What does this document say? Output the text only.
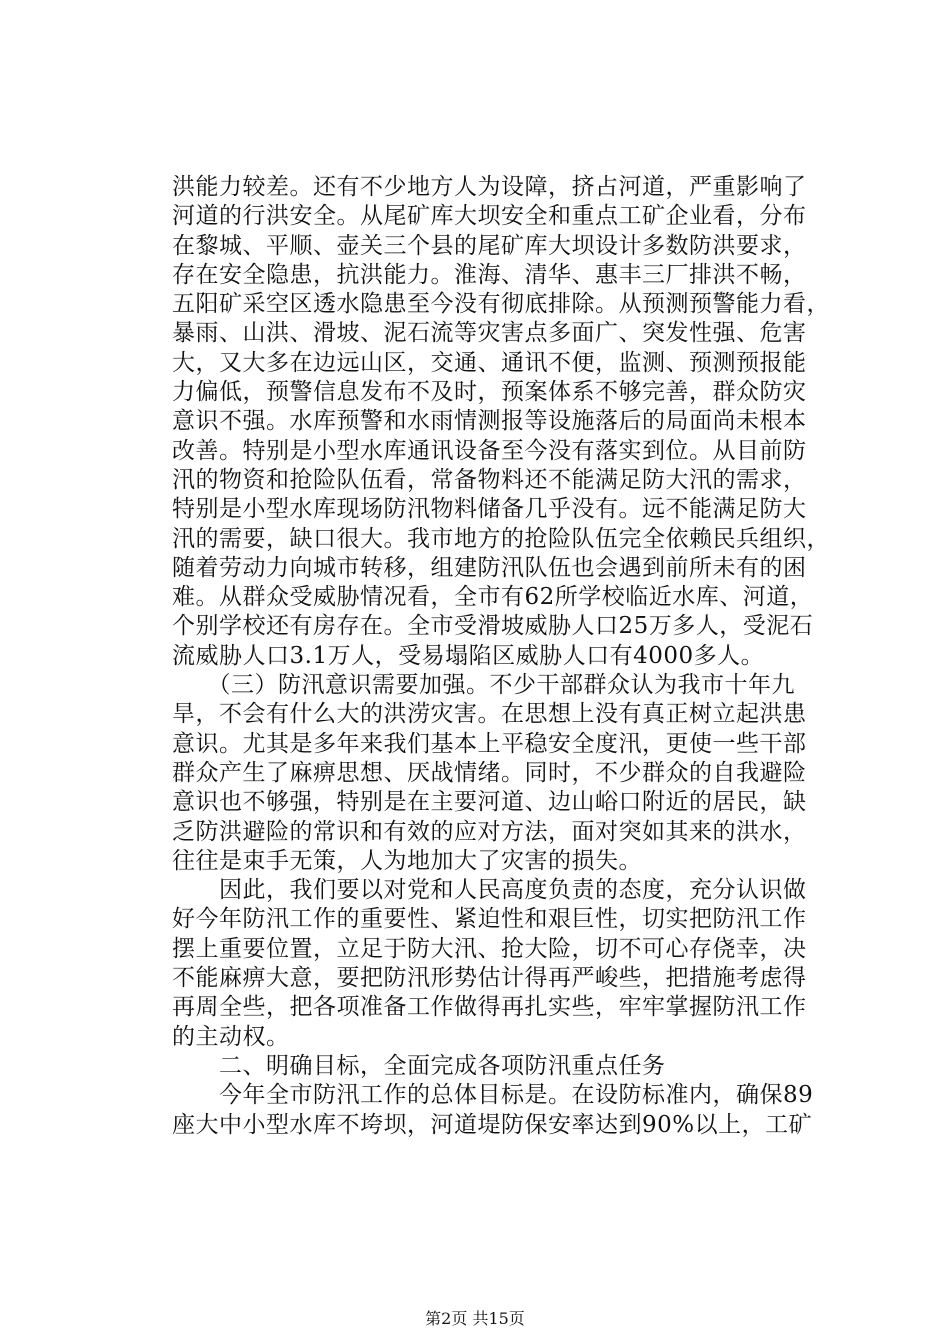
洪能力较差。还有不少地方人为设障，挤占河道，严重影响了
河道的行洪安全。从尾矿库大坝安全和重点工矿企业看，分布
在黎城、平顺、壶关三个县的尾矿库大坝设计多数防洪要求，
存在安全隐患，抗洪能力。淮海、清华、惠丰三厂排洪不畅，
五阳矿采空区透水隐患至今没有彻底排除。从预测预警能力看，
暴雨、山洪、滑坡、泥石流等灾害点多面广、突发性强、危害
大，又大多在边远山区，交通、通讯不便，监测、预测预报能
力偏低，预警信息发布不及时，预案体系不够完善，群众防灾
意识不强。水库预警和水雨情测报等设施落后的局面尚未根本
改善。特别是小型水库通讯设备至今没有落实到位。从目前防
汛的物资和抢险队伍看，常备物料还不能满足防大汛的需求，
特别是小型水库现场防汛物料储备几乎没有。远不能满足防大
汛的需要，缺口很大。我市地方的抢险队伍完全依赖民兵组织，
随着劳动力向城市转移，组建防汛队伍也会遇到前所未有的困
难。从群众受威胁情况看，全市有62所学校临近水库、河道，
个别学校还有房存在。全市受滑坡威胁人口25万多人，受泥石
流威胁人口3.1万人，受易塌陷区威胁人口有4000多人。
　　（三）防汛意识需要加强。不少干部群众认为我市十年九
旱，不会有什么大的洪涝灾害。在思想上没有真正树立起洪患
意识。尤其是多年来我们基本上平稳安全度汛，更使一些干部
群众产生了麻痹思想、厌战情绪。同时，不少群众的自我避险
意识也不够强，特别是在主要河道、边山峪口附近的居民，缺
乏防洪避险的常识和有效的应对方法，面对突如其来的洪水，
往往是束手无策，人为地加大了灾害的损失。
　　因此，我们要以对党和人民高度负责的态度，充分认识做
好今年防汛工作的重要性、紧迫性和艰巨性，切实把防汛工作
摆上重要位置，立足于防大汛、抢大险，切不可心存侥幸，决
不能麻痹大意，要把防汛形势估计得再严峻些，把措施考虑得
再周全些，把各项准备工作做得再扎实些，牢牢掌握防汛工作
的主动权。
　　二、明确目标，全面完成各项防汛重点任务
　　今年全市防汛工作的总体目标是。在设防标准内，确保89
座大中小型水库不垮坝，河道堤防保安率达到90%以上，工矿
第2页 共15页
